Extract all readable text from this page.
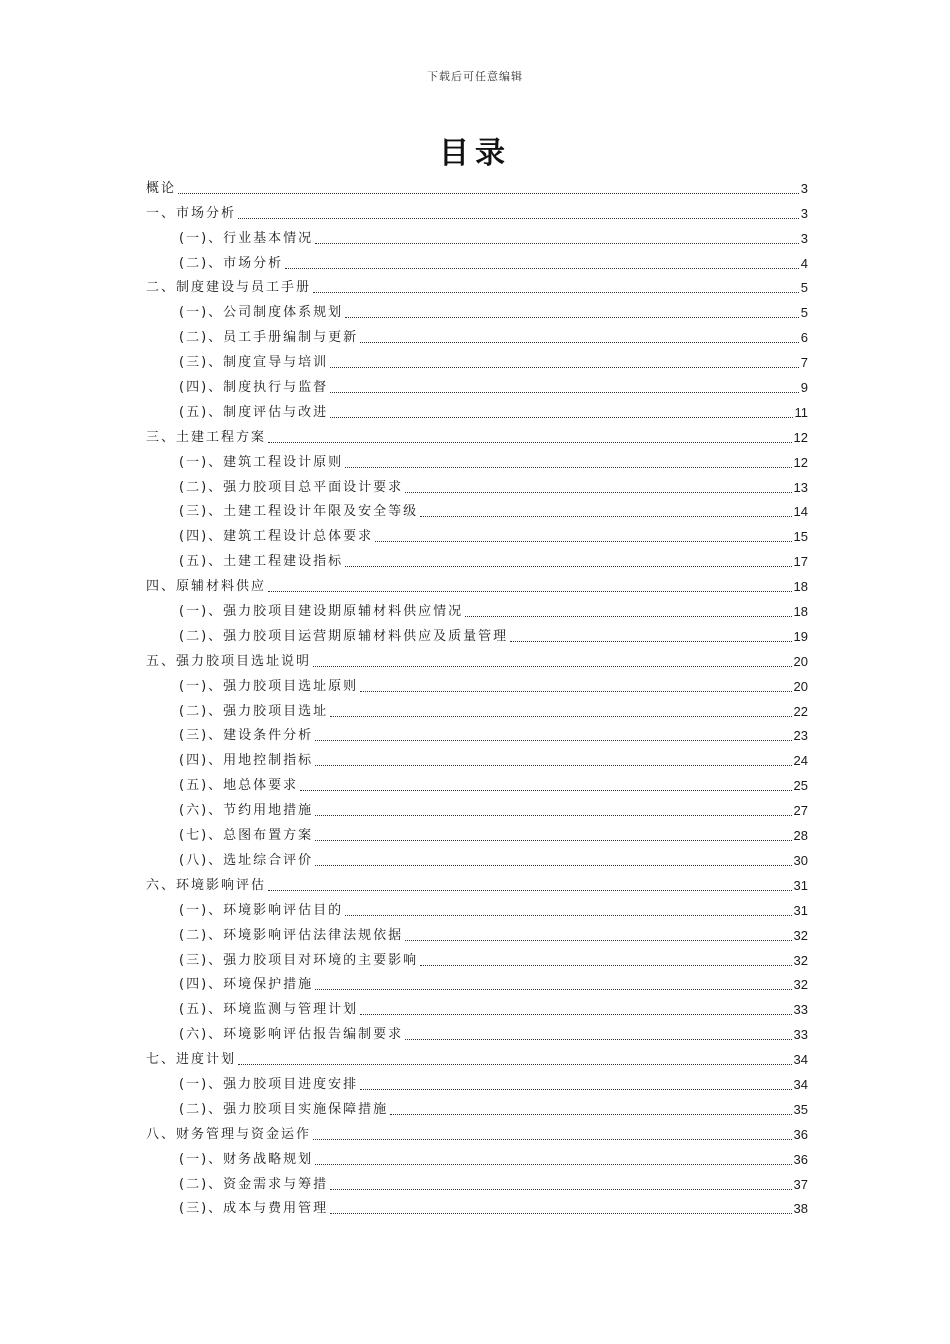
下载后可任意编辑
目录
概论	3
一、市场分析	3
(一)、行业基本情况	3
(二)、市场分析	4
二、制度建设与员工手册	5
(一)、公司制度体系规划	5
(二)、员工手册编制与更新	6
(三)、制度宣导与培训	7
(四)、制度执行与监督	9
(五)、制度评估与改进	11
三、土建工程方案	12
(一)、建筑工程设计原则	12
(二)、强力胶项目总平面设计要求	13
(三)、土建工程设计年限及安全等级	14
(四)、建筑工程设计总体要求	15
(五)、土建工程建设指标	17
四、原辅材料供应	18
(一)、强力胶项目建设期原辅材料供应情况	18
(二)、强力胶项目运营期原辅材料供应及质量管理	19
五、强力胶项目选址说明	20
(一)、强力胶项目选址原则	20
(二)、强力胶项目选址	22
(三)、建设条件分析	23
(四)、用地控制指标	24
(五)、地总体要求	25
(六)、节约用地措施	27
(七)、总图布置方案	28
(八)、选址综合评价	30
六、环境影响评估	31
(一)、环境影响评估目的	31
(二)、环境影响评估法律法规依据	32
(三)、强力胶项目对环境的主要影响	32
(四)、环境保护措施	32
(五)、环境监测与管理计划	33
(六)、环境影响评估报告编制要求	33
七、进度计划	34
(一)、强力胶项目进度安排	34
(二)、强力胶项目实施保障措施	35
八、财务管理与资金运作	36
(一)、财务战略规划	36
(二)、资金需求与筹措	37
(三)、成本与费用管理	38
